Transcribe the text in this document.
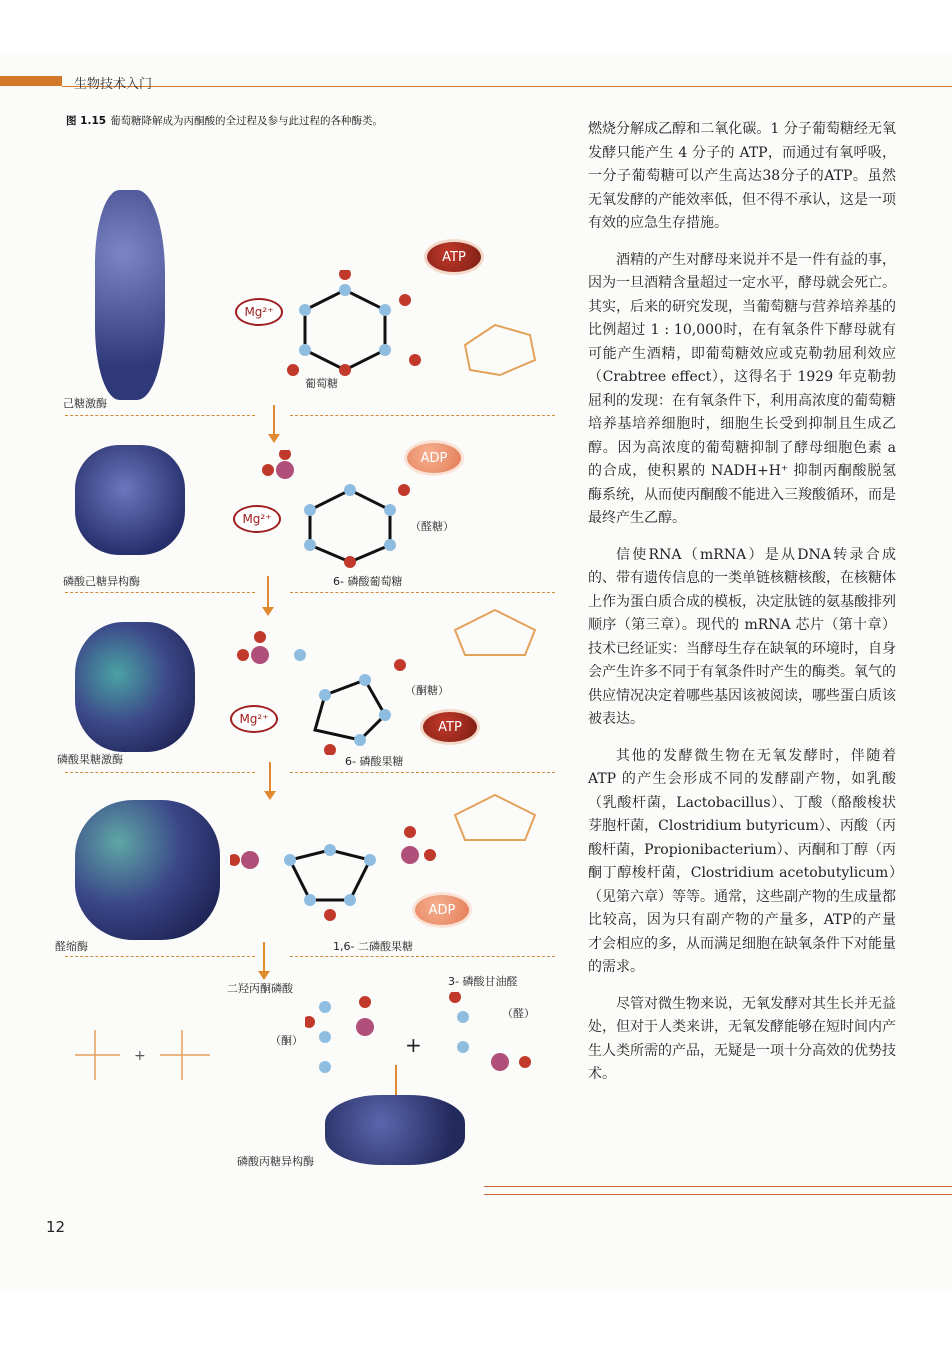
生物技术入门
图 1.15 葡萄糖降解成为丙酮酸的全过程及参与此过程的各种酶类。
己糖激酶
Mg²⁺
ATP
葡萄糖
磷酸己糖异构酶
Mg²⁺
ADP
（醛糖）
6- 磷酸葡萄糖
磷酸果糖激酶
Mg²⁺
ATP
（酮糖）
6- 磷酸果糖
醛缩酶
ADP
1,6- 二磷酸果糖
二羟丙酮磷酸
3- 磷酸甘油醛
（酮）
（醛）
+
+
磷酸丙糖异构酶

燃烧分解成乙醇和二氧化碳。1 分子葡萄糖经无氧发酵只能产生 4 分子的 ATP，而通过有氧呼吸，一分子葡萄糖可以产生高达38分子的ATP。虽然无氧发酵的产能效率低，但不得不承认，这是一项有效的应急生存措施。

酒精的产生对酵母来说并不是一件有益的事，因为一旦酒精含量超过一定水平，酵母就会死亡。其实，后来的研究发现，当葡萄糖与营养培养基的比例超过 1 : 10,000时，在有氧条件下酵母就有可能产生酒精，即葡萄糖效应或克勒勃屈利效应（Crabtree effect），这得名于 1929 年克勒勃屈利的发现：在有氧条件下，利用高浓度的葡萄糖培养基培养细胞时，细胞生长受到抑制且生成乙醇。因为高浓度的葡萄糖抑制了酵母细胞色素 a 的合成，使积累的 NADH+H⁺ 抑制丙酮酸脱氢酶系统，从而使丙酮酸不能进入三羧酸循环，而是最终产生乙醇。

信使RNA（mRNA）是从DNA转录合成的、带有遗传信息的一类单链核糖核酸，在核糖体上作为蛋白质合成的模板，决定肽链的氨基酸排列顺序（第三章）。现代的 mRNA 芯片（第十章）技术已经证实：当酵母生存在缺氧的环境时，自身会产生许多不同于有氧条件时产生的酶类。氧气的供应情况决定着哪些基因该被阅读，哪些蛋白质该被表达。

其他的发酵微生物在无氧发酵时，伴随着 ATP 的产生会形成不同的发酵副产物，如乳酸（乳酸杆菌，Lactobacillus）、丁酸（酪酸梭状芽胞杆菌，Clostridium butyricum）、丙酸（丙酸杆菌，Propionibacterium）、丙酮和丁醇（丙酮丁醇梭杆菌，Clostridium acetobutylicum）（见第六章）等等。通常，这些副产物的生成量都比较高，因为只有副产物的产量多，ATP的产量才会相应的多，从而满足细胞在缺氧条件下对能量的需求。

尽管对微生物来说，无氧发酵对其生长并无益处，但对于人类来讲，无氧发酵能够在短时间内产生人类所需的产品，无疑是一项十分高效的优势技术。

12
